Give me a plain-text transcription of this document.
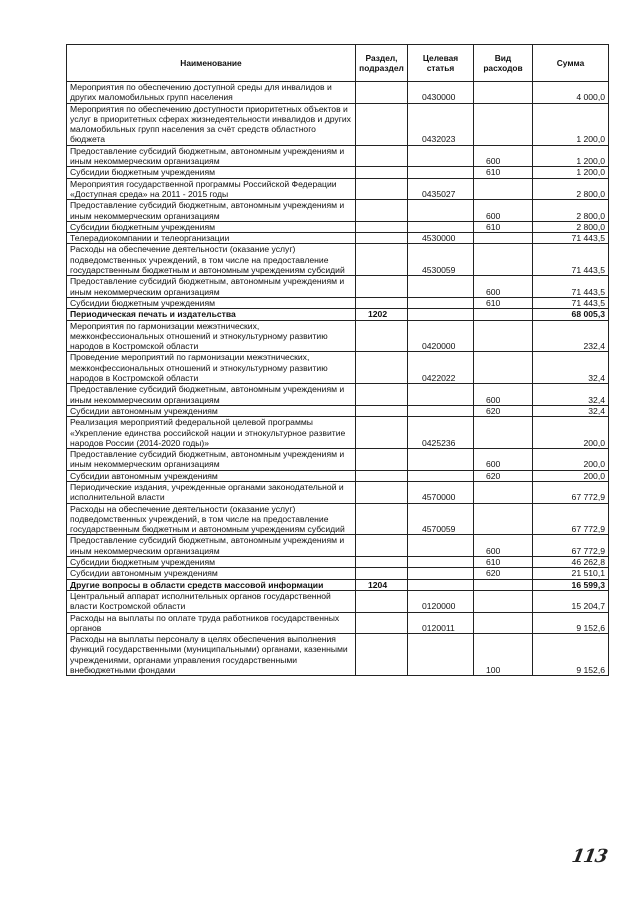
Наименование	Раздел, подраздел	Целевая статья	Вид расходов	Сумма
Мероприятия по обеспечению доступной среды для инвалидов и других маломобильных групп населения		0430000		4 000,0
Мероприятия по обеспечению доступности приоритетных объектов и услуг в приоритетных сферах жизнедеятельности инвалидов и других маломобильных групп населения за счёт средств областного бюджета		0432023		1 200,0
Предоставление субсидий бюджетным, автономным учреждениям и иным некоммерческим организациям			600	1 200,0
Субсидии бюджетным учреждениям			610	1 200,0
Мероприятия государственной программы Российской Федерации «Доступная среда» на 2011 - 2015 годы		0435027		2 800,0
Предоставление субсидий бюджетным, автономным учреждениям и иным некоммерческим организациям			600	2 800,0
Субсидии бюджетным учреждениям			610	2 800,0
Телерадиокомпании и телеорганизации		4530000		71 443,5
Расходы на обеспечение деятельности (оказание услуг) подведомственных учреждений, в том числе на предоставление государственным бюджетным и автономным учреждениям субсидий		4530059		71 443,5
Предоставление субсидий бюджетным, автономным учреждениям и иным некоммерческим организациям			600	71 443,5
Субсидии бюджетным учреждениям			610	71 443,5
Периодическая печать и издательства	1202			68 005,3
Мероприятия по гармонизации межэтнических, межконфессиональных отношений и этнокультурному развитию народов в Костромской области		0420000		232,4
Проведение мероприятий по гармонизации межэтнических, межконфессиональных отношений и этнокультурному развитию народов в Костромской области		0422022		32,4
Предоставление субсидий бюджетным, автономным учреждениям и иным некоммерческим организациям			600	32,4
Субсидии автономным учреждениям			620	32,4
Реализация мероприятий федеральной целевой программы «Укрепление единства российской нации и этнокультурное развитие народов России (2014-2020 годы)»		0425236		200,0
Предоставление субсидий бюджетным, автономным учреждениям и иным некоммерческим организациям			600	200,0
Субсидии автономным учреждениям			620	200,0
Периодические издания, учрежденные органами законодательной и исполнительной власти		4570000		67 772,9
Расходы на обеспечение деятельности (оказание услуг) подведомственных учреждений, в том числе на предоставление государственным бюджетным и автономным учреждениям субсидий		4570059		67 772,9
Предоставление субсидий бюджетным, автономным учреждениям и иным некоммерческим организациям			600	67 772,9
Субсидии бюджетным учреждениям			610	46 262,8
Субсидии автономным учреждениям			620	21 510,1
Другие вопросы в области средств массовой информации	1204			16 599,3
Центральный аппарат исполнительных органов государственной власти Костромской области		0120000		15 204,7
Расходы на выплаты по оплате труда работников государственных органов		0120011		9 152,6
Расходы на выплаты персоналу в целях обеспечения выполнения функций государственными (муниципальными) органами, казенными учреждениями, органами управления государственными внебюджетными фондами			100	9 152,6
113
